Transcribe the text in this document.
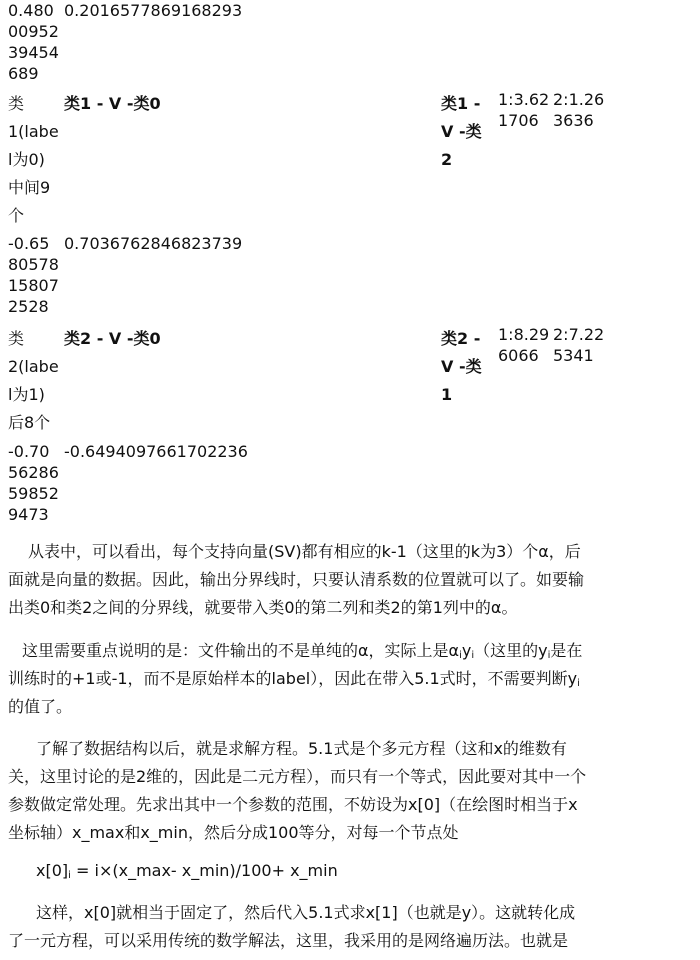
0.480
00952
39454
689
0.2016577869168293
类
1(labe
l为0)
中间9
个
类1 - V -类0	类1 -
V -类
2
1:3.62
1706
2:1.26
3636
-0.65
80578
15807
2528
0.7036762846823739
类
2(labe
l为1)
后8个
类2 - V -类0	类2 -
V -类
1
1:8.29
6066
2:7.22
5341
-0.70
56286
59852
9473
-0.6494097661702236
从表中，可以看出，每个支持向量(SV)都有相应的k-1（这里的k为3）个α，后面就是向量的数据。因此，输出分界线时，只要认清系数的位置就可以了。如要输出类0和类2之间的分界线，就要带入类0的第二列和类2的第1列中的α。
这里需要重点说明的是：文件输出的不是单纯的α，实际上是$\alpha_iy_i$（这里的$y_i$是在训练时的+1或-1，而不是原始样本的label），因此在带入5.1式时，不需要判断$y_i$的值了。
了解了数据结构以后，就是求解方程。5.1式是个多元方程（这和x的维数有关，这里讨论的是2维的，因此是二元方程），而只有一个等式，因此要对其中一个参数做定常处理。先求出其中一个参数的范围，不妨设为x[0]（在绘图时相当于x坐标轴）x_max和x_min，然后分成100等分，对每一个节点处
$x[0]_i$ = i×(x_max- x_min)/100+ x_min
这样，x[0]就相当于固定了，然后代入5.1式求x[1]（也就是y）。这就转化成了一元方程，可以采用传统的数学解法，这里，我采用的是网络遍历法。也就是
